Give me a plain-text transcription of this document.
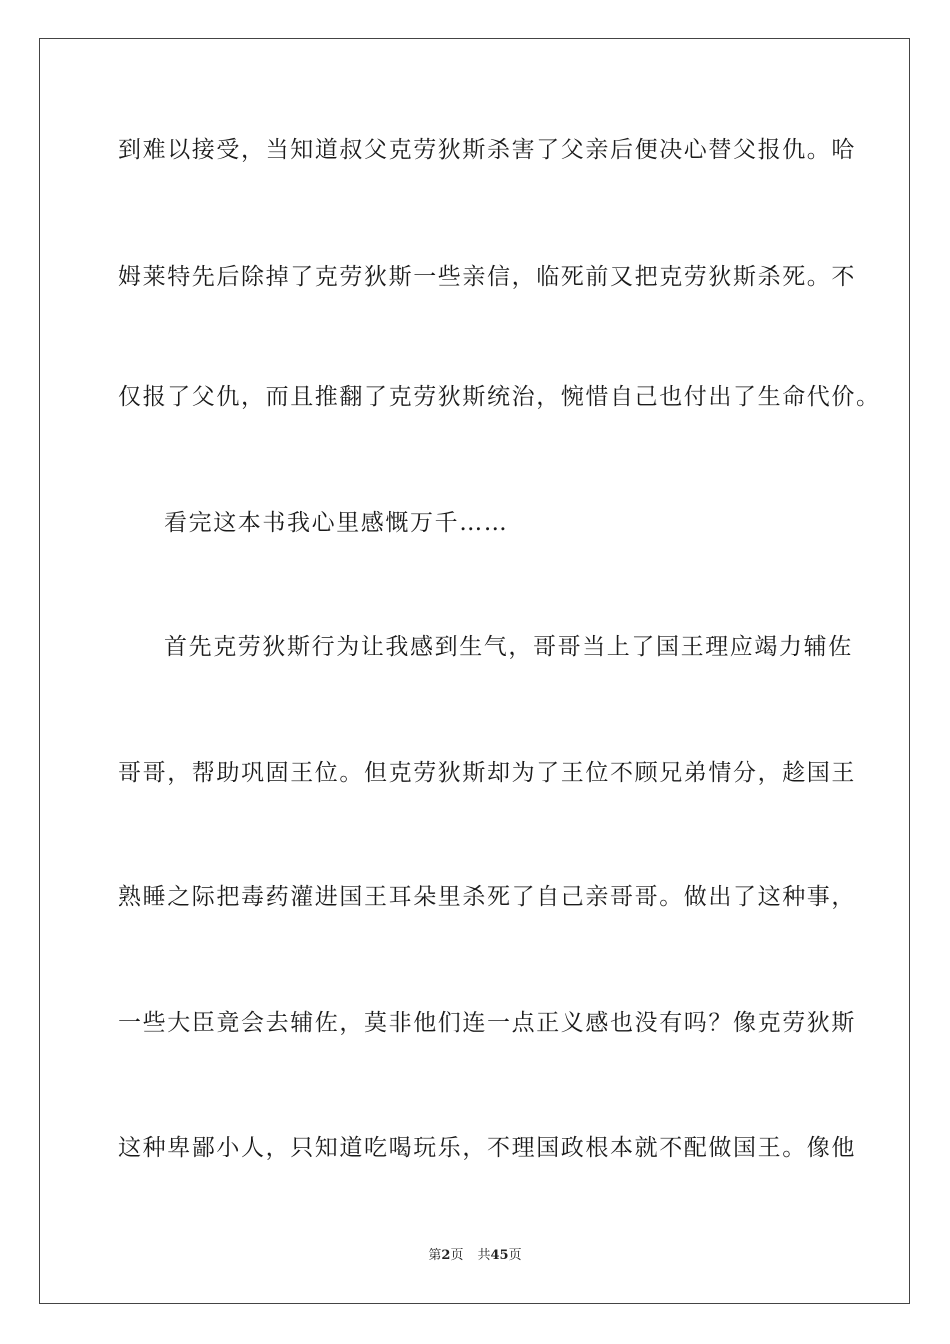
到难以接受，当知道叔父克劳狄斯杀害了父亲后便决心替父报仇。哈
姆莱特先后除掉了克劳狄斯一些亲信，临死前又把克劳狄斯杀死。不
仅报了父仇，而且推翻了克劳狄斯统治，惋惜自己也付出了生命代价。
看完这本书我心里感慨万千……
首先克劳狄斯行为让我感到生气，哥哥当上了国王理应竭力辅佐
哥哥，帮助巩固王位。但克劳狄斯却为了王位不顾兄弟情分，趁国王
熟睡之际把毒药灌进国王耳朵里杀死了自己亲哥哥。做出了这种事，
一些大臣竟会去辅佐，莫非他们连一点正义感也没有吗？像克劳狄斯
这种卑鄙小人，只知道吃喝玩乐，不理国政根本就不配做国王。像他
第2页 共45页
